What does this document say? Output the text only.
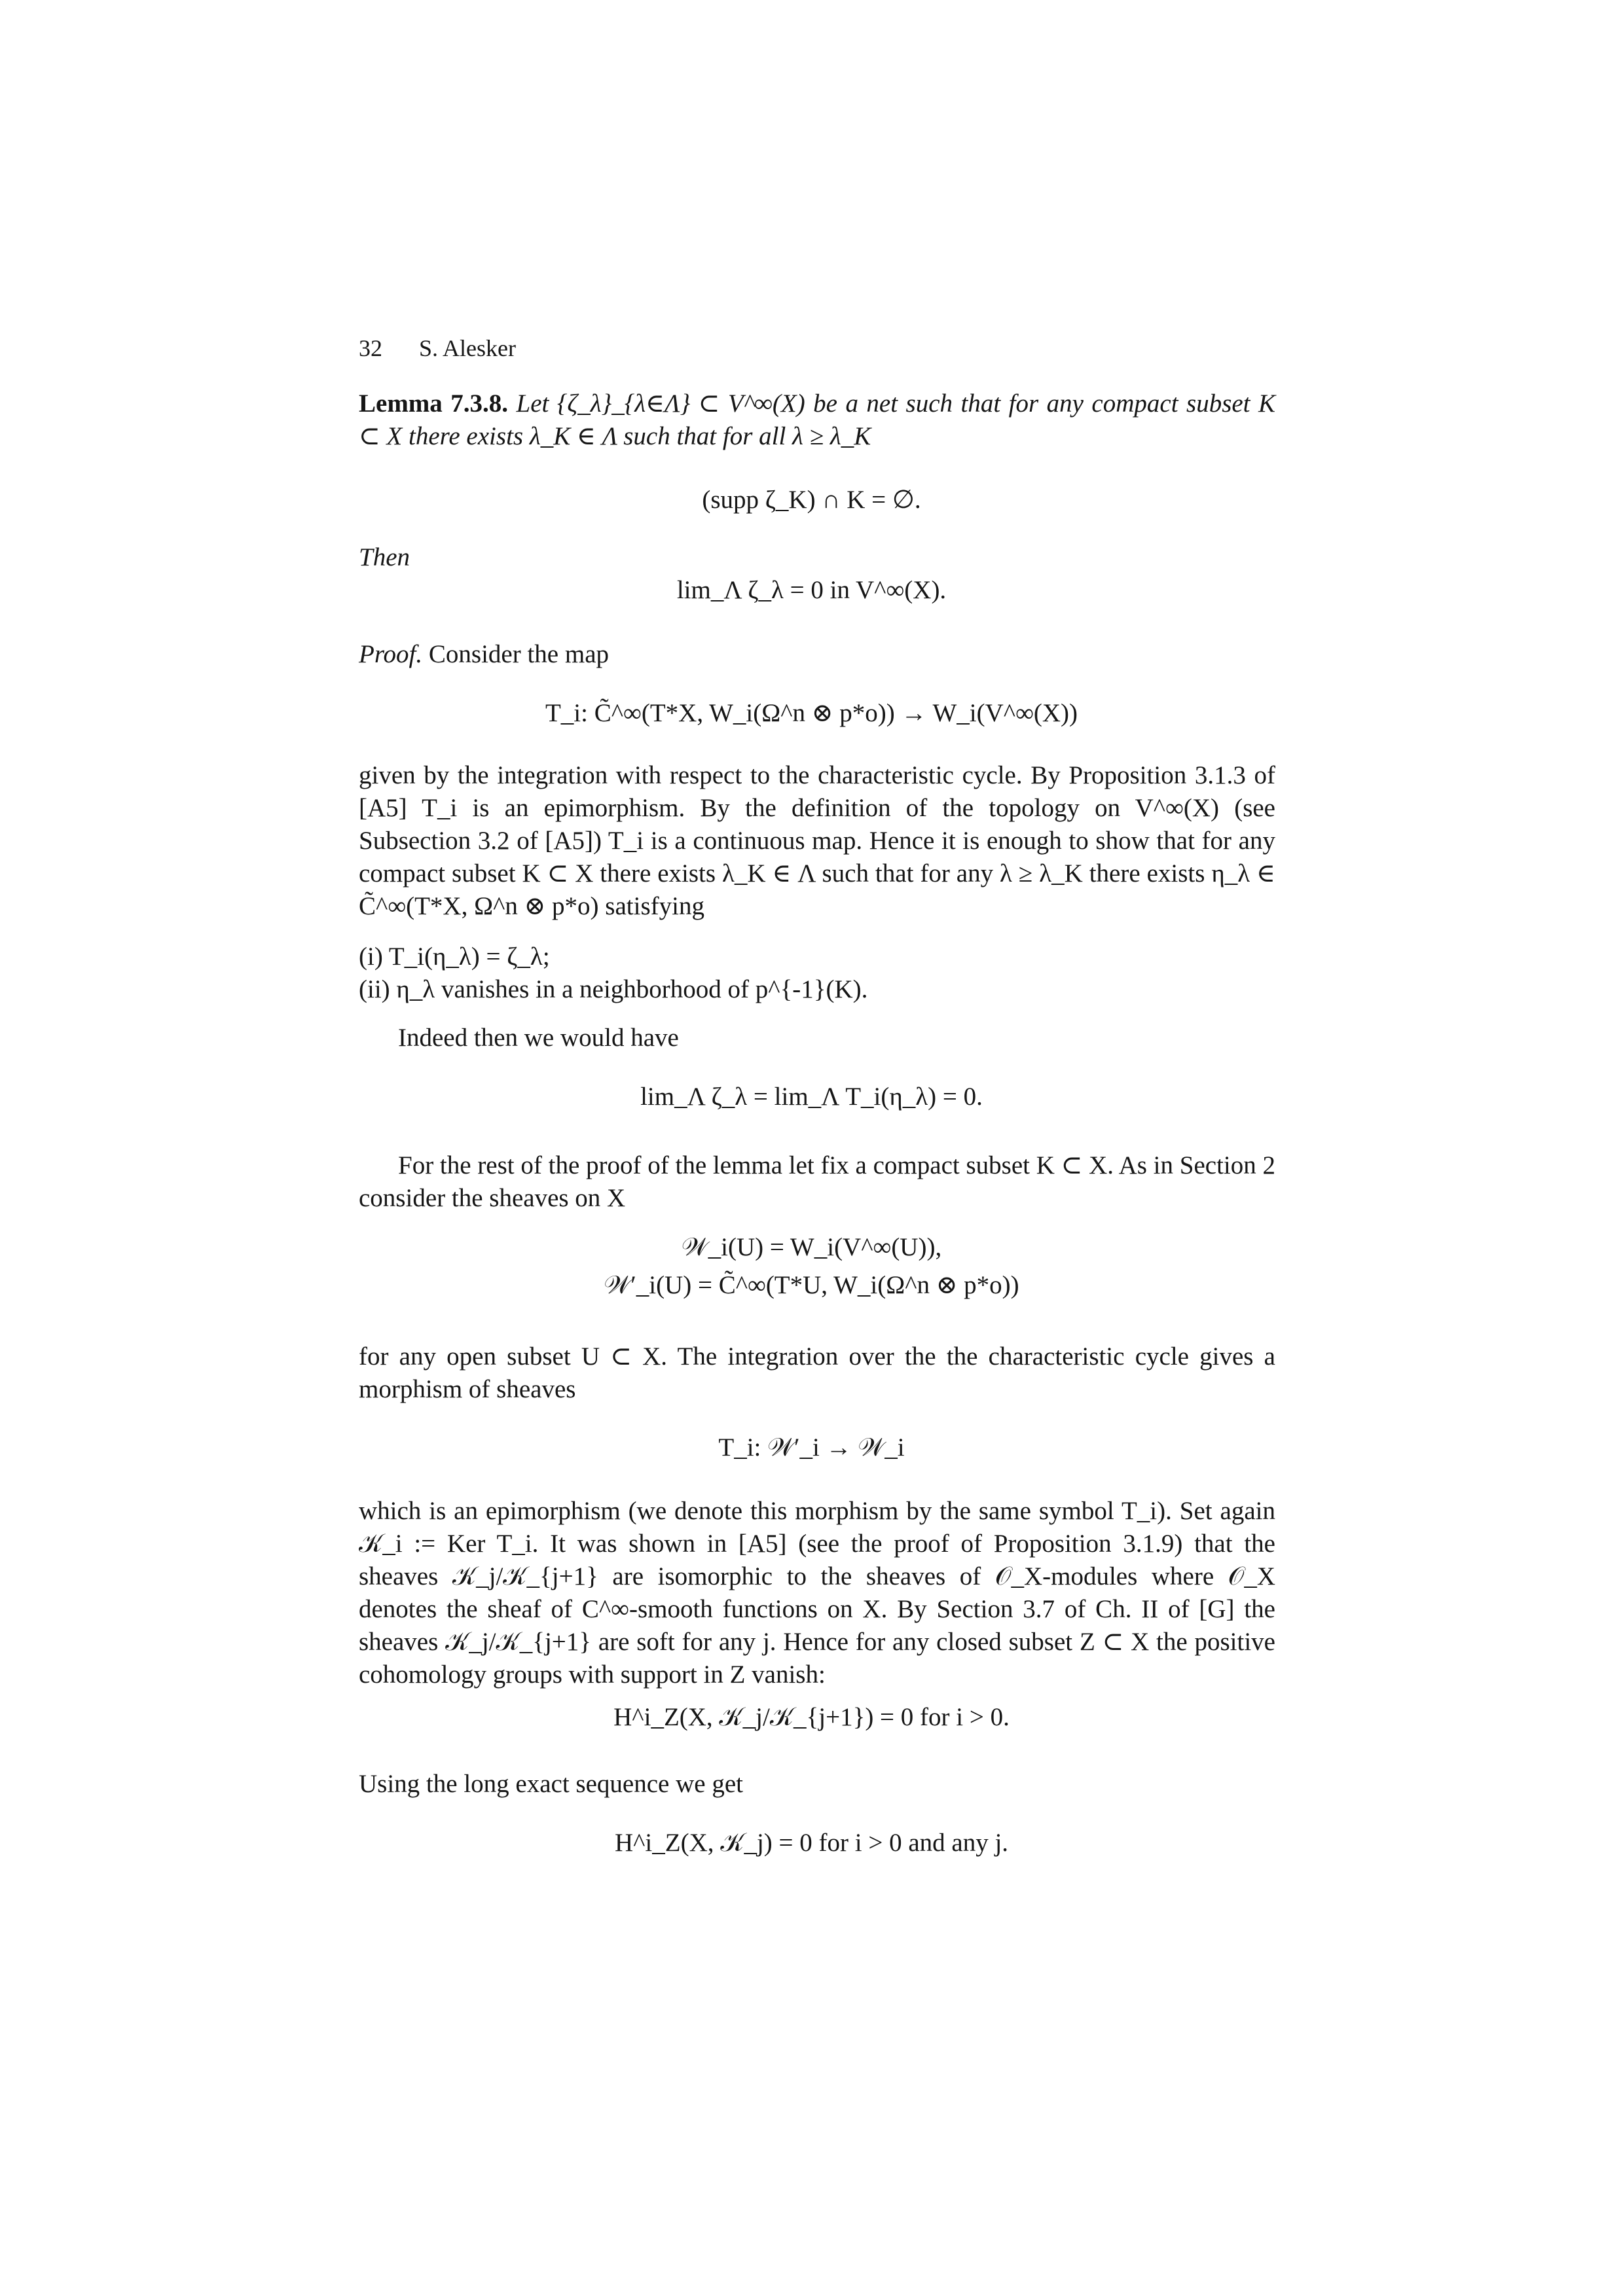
32 S. Alesker
Lemma 7.3.8. Let {ζ_λ}_{λ∈Λ} ⊂ V^∞(X) be a net such that for any compact subset K ⊂ X there exists λ_K ∈ Λ such that for all λ ≥ λ_K
(supp ζ_K) ∩ K = ∅.
Then
lim_Λ ζ_λ = 0 in V^∞(X).
Proof. Consider the map
T_i: C̃^∞(T*X, W_i(Ω^n ⊗ p*o)) → W_i(V^∞(X))
given by the integration with respect to the characteristic cycle. By Proposition 3.1.3 of [A5] T_i is an epimorphism. By the definition of the topology on V^∞(X) (see Subsection 3.2 of [A5]) T_i is a continuous map. Hence it is enough to show that for any compact subset K ⊂ X there exists λ_K ∈ Λ such that for any λ ≥ λ_K there exists η_λ ∈ C̃^∞(T*X, Ω^n ⊗ p*o) satisfying
(i) T_i(η_λ) = ζ_λ;
(ii) η_λ vanishes in a neighborhood of p^{-1}(K).
Indeed then we would have
lim_Λ ζ_λ = lim_Λ T_i(η_λ) = 0.
For the rest of the proof of the lemma let fix a compact subset K ⊂ X. As in Section 2 consider the sheaves on X
𝒲_i(U) = W_i(V^∞(U)),
𝒲′_i(U) = C̃^∞(T*U, W_i(Ω^n ⊗ p*o))
for any open subset U ⊂ X. The integration over the the characteristic cycle gives a morphism of sheaves
T_i: 𝒲′_i → 𝒲_i
which is an epimorphism (we denote this morphism by the same symbol T_i). Set again 𝒦_i := Ker T_i. It was shown in [A5] (see the proof of Proposition 3.1.9) that the sheaves 𝒦_j/𝒦_{j+1} are isomorphic to the sheaves of 𝒪_X-modules where 𝒪_X denotes the sheaf of C^∞-smooth functions on X. By Section 3.7 of Ch. II of [G] the sheaves 𝒦_j/𝒦_{j+1} are soft for any j. Hence for any closed subset Z ⊂ X the positive cohomology groups with support in Z vanish:
H^i_Z(X, 𝒦_j/𝒦_{j+1}) = 0 for i > 0.
Using the long exact sequence we get
H^i_Z(X, 𝒦_j) = 0 for i > 0 and any j.
